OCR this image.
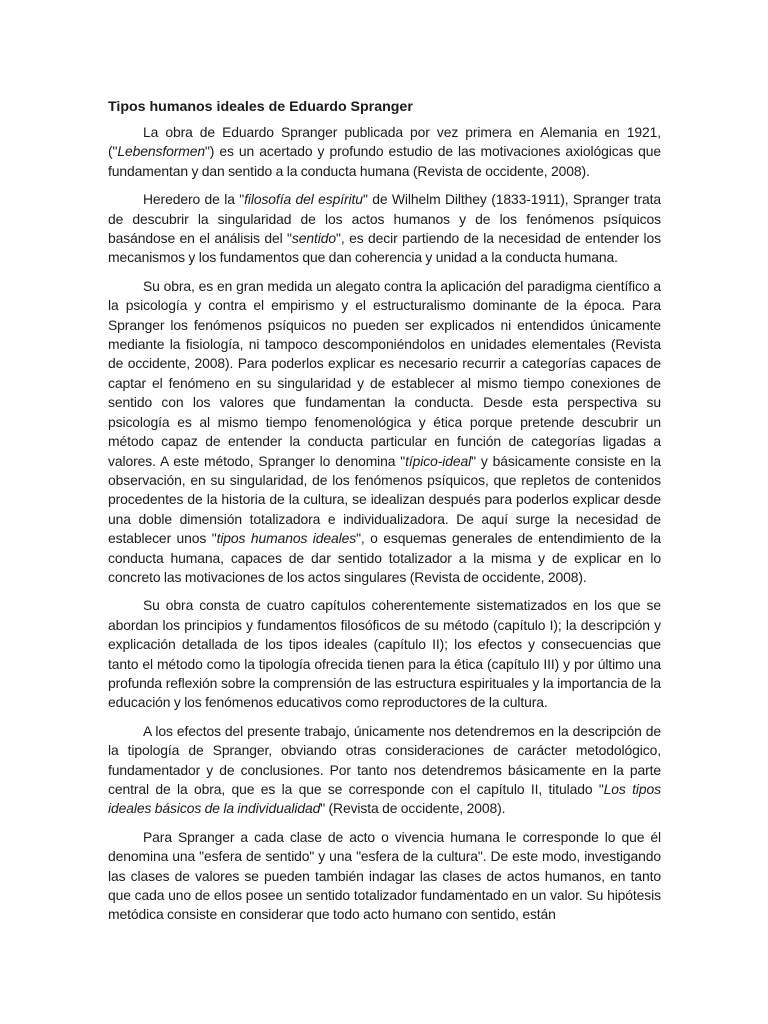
Tipos humanos ideales de Eduardo Spranger

La obra de Eduardo Spranger publicada por vez primera en Alemania en 1921, ("Lebensformen") es un acertado y profundo estudio de las motivaciones axiológicas que fundamentan y dan sentido a la conducta humana (Revista de occidente, 2008).

Heredero de la "filosofía del espíritu" de Wilhelm Dilthey (1833-1911), Spranger trata de descubrir la singularidad de los actos humanos y de los fenómenos psíquicos basándose en el análisis del "sentido", es decir partiendo de la necesidad de entender los mecanismos y los fundamentos que dan coherencia y unidad a la conducta humana.

Su obra, es en gran medida un alegato contra la aplicación del paradigma científico a la psicología y contra el empirismo y el estructuralismo dominante de la época. Para Spranger los fenómenos psíquicos no pueden ser explicados ni entendidos únicamente mediante la fisiología, ni tampoco descomponiéndolos en unidades elementales (Revista de occidente, 2008). Para poderlos explicar es necesario recurrir a categorías capaces de captar el fenómeno en su singularidad y de establecer al mismo tiempo conexiones de sentido con los valores que fundamentan la conducta. Desde esta perspectiva su psicología es al mismo tiempo fenomenológica y ética porque pretende descubrir un método capaz de entender la conducta particular en función de categorías ligadas a valores. A este método, Spranger lo denomina "típico-ideal" y básicamente consiste en la observación, en su singularidad, de los fenómenos psíquicos, que repletos de contenidos procedentes de la historia de la cultura, se idealizan después para poderlos explicar desde una doble dimensión totalizadora e individualizadora. De aquí surge la necesidad de establecer unos "tipos humanos ideales", o esquemas generales de entendimiento de la conducta humana, capaces de dar sentido totalizador a la misma y de explicar en lo concreto las motivaciones de los actos singulares (Revista de occidente, 2008).

Su obra consta de cuatro capítulos coherentemente sistematizados en los que se abordan los principios y fundamentos filosóficos de su método (capítulo I); la descripción y explicación detallada de los tipos ideales (capítulo II); los efectos y consecuencias que tanto el método como la tipología ofrecida tienen para la ética (capítulo III) y por último una profunda reflexión sobre la comprensión de las estructura espirituales y la importancia de la educación y los fenómenos educativos como reproductores de la cultura.

A los efectos del presente trabajo, únicamente nos detendremos en la descripción de la tipología de Spranger, obviando otras consideraciones de carácter metodológico, fundamentador y de conclusiones. Por tanto nos detendremos básicamente en la parte central de la obra, que es la que se corresponde con el capítulo II, titulado "Los tipos ideales básicos de la individualidad" (Revista de occidente, 2008).

Para Spranger a cada clase de acto o vivencia humana le corresponde lo que él denomina una "esfera de sentido" y una "esfera de la cultura". De este modo, investigando las clases de valores se pueden también indagar las clases de actos humanos, en tanto que cada uno de ellos posee un sentido totalizador fundamentado en un valor. Su hipótesis metódica consiste en considerar que todo acto humano con sentido, están
